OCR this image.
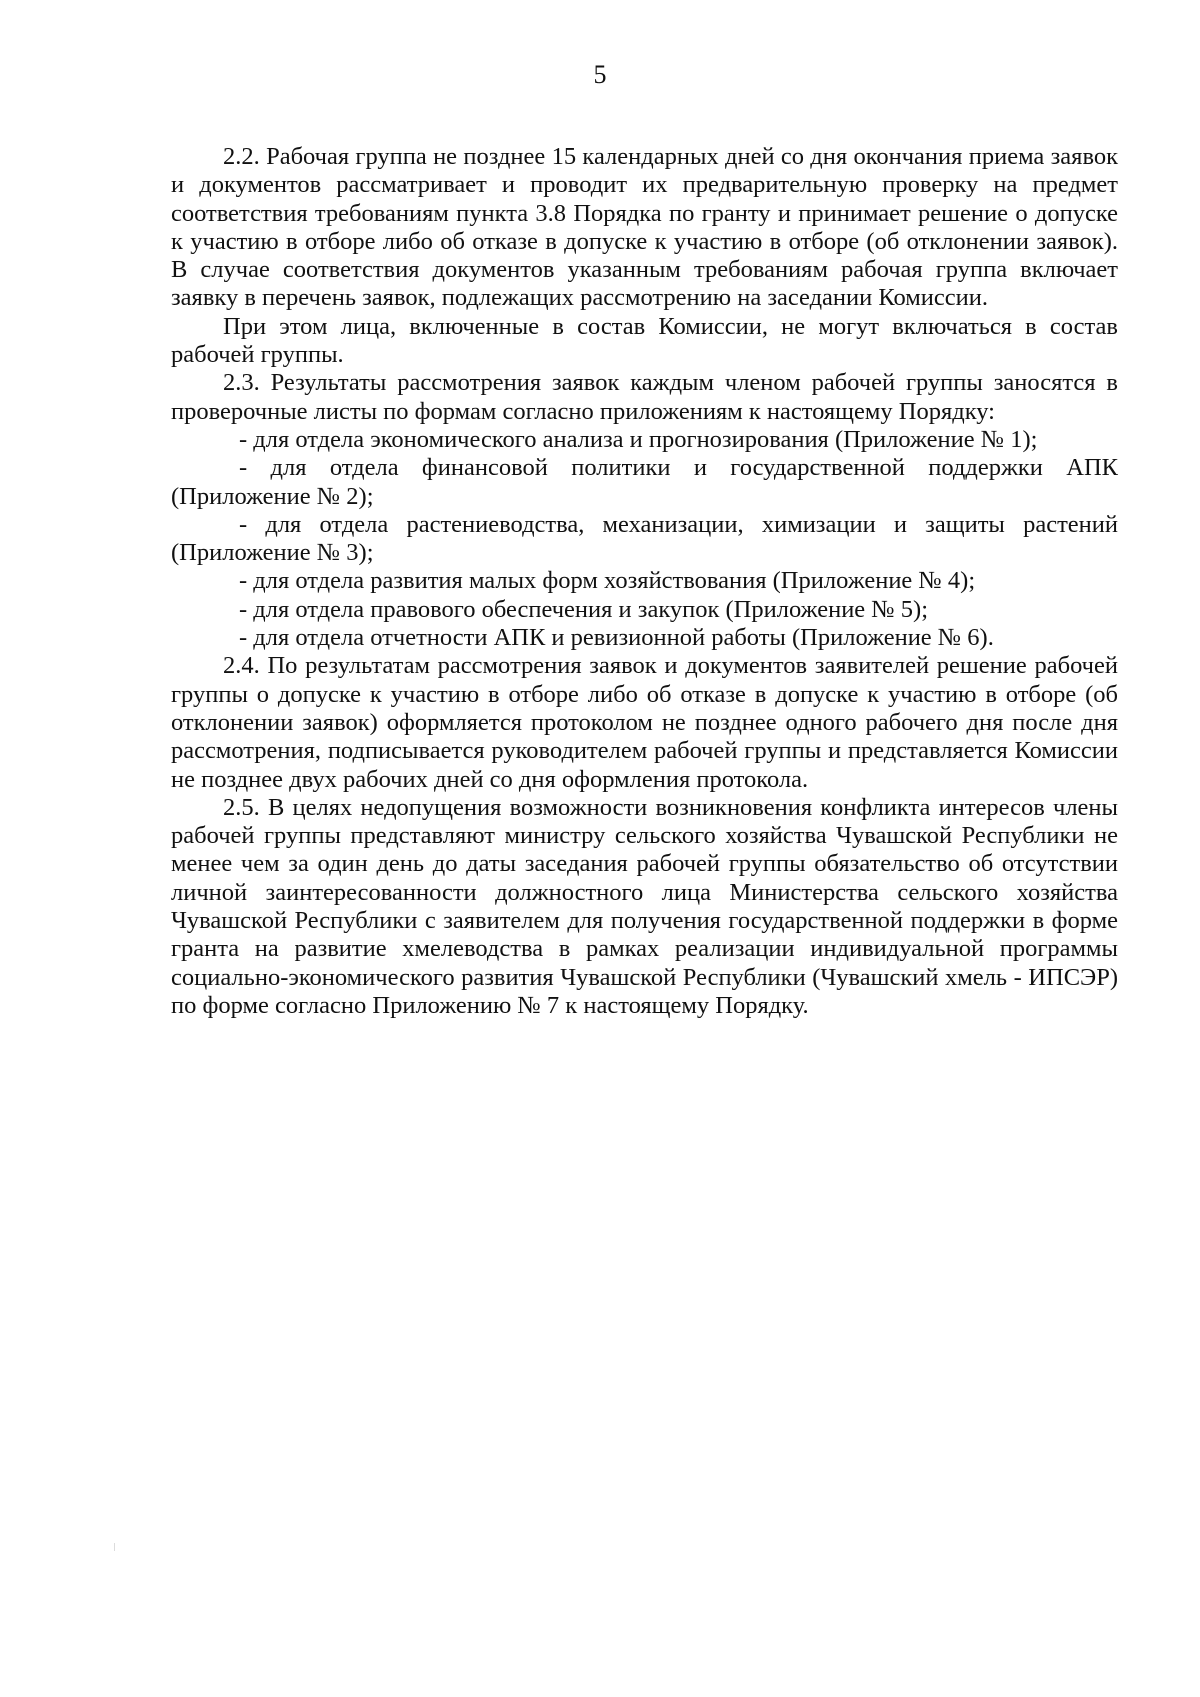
5

2.2. Рабочая группа не позднее 15 календарных дней со дня окончания приема заявок и документов рассматривает и проводит их предварительную проверку на предмет соответствия требованиям пункта 3.8 Порядка по гранту и принимает решение о допуске к участию в отборе либо об отказе в допуске к участию в отборе (об отклонении заявок). В случае соответствия документов указанным требованиям рабочая группа включает заявку в перечень заявок, подлежащих рассмотрению на заседании Комиссии.

При этом лица, включенные в состав Комиссии, не могут включаться в состав рабочей группы.

2.3. Результаты рассмотрения заявок каждым членом рабочей группы заносятся в проверочные листы по формам согласно приложениям к настоящему Порядку:

- для отдела экономического анализа и прогнозирования (Приложение № 1);

- для отдела финансовой политики и государственной поддержки АПК (Приложение № 2);

- для отдела растениеводства, механизации, химизации и защиты растений (Приложение № 3);

- для отдела развития малых форм хозяйствования (Приложение № 4);

- для отдела правового обеспечения и закупок (Приложение № 5);

- для отдела отчетности АПК и ревизионной работы (Приложение № 6).

2.4. По результатам рассмотрения заявок и документов заявителей решение рабочей группы о допуске к участию в отборе либо об отказе в допуске к участию в отборе (об отклонении заявок) оформляется протоколом не позднее одного рабочего дня после дня рассмотрения, подписывается руководителем рабочей группы и представляется Комиссии не позднее двух рабочих дней со дня оформления протокола.

2.5. В целях недопущения возможности возникновения конфликта интересов члены рабочей группы представляют министру сельского хозяйства Чувашской Республики не менее чем за один день до даты заседания рабочей группы обязательство об отсутствии личной заинтересованности должностного лица Министерства сельского хозяйства Чувашской Республики с заявителем для получения государственной поддержки в форме гранта на развитие хмелеводства в рамках реализации индивидуальной программы социально-экономического развития Чувашской Республики (Чувашский хмель - ИПСЭР) по форме согласно Приложению № 7 к настоящему Порядку.
